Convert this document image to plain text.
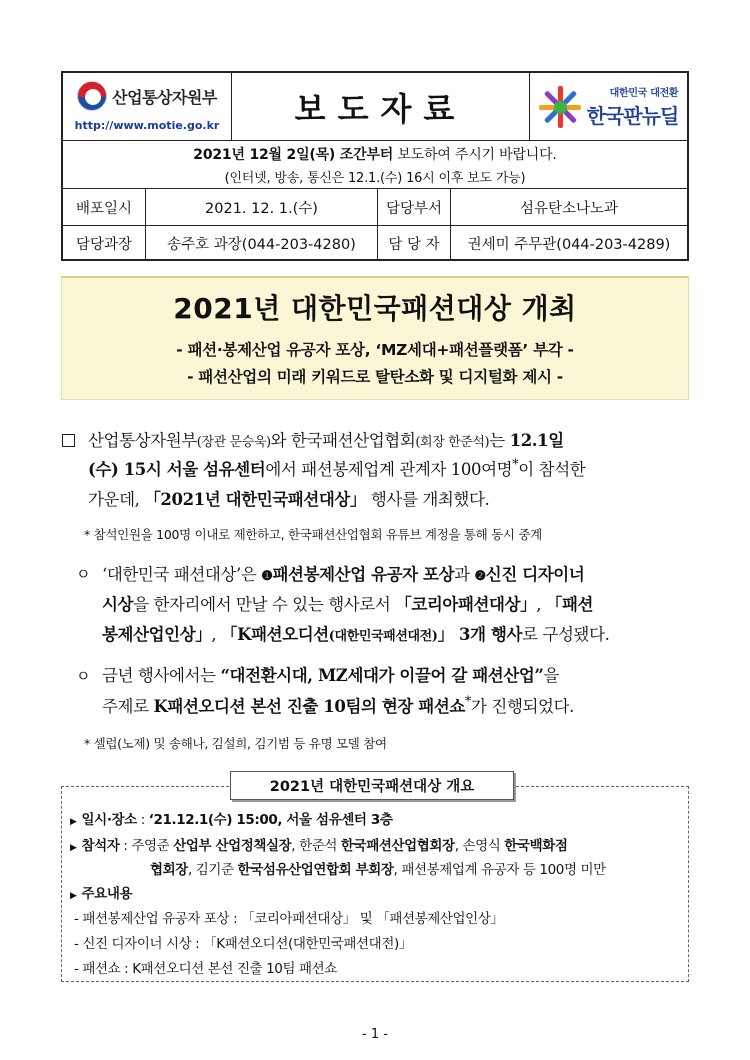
산업통상자원부
http://www.motie.go.kr	보도자료	대한민국 대전환
한국판뉴딜
2021년 12월 2일(목) 조간부터 보도하여 주시기 바랍니다.
(인터넷, 방송, 통신은 12.1.(수) 16시 이후 보도 가능)
배포일시	2021. 12. 1.(수)	담당부서	섬유탄소나노과
담당과장	송주호 과장(044-203-4280)	담 당 자	권세미 주무관(044-203-4289)
2021년 대한민국패션대상 개최
- 패션·봉제산업 유공자 포상, ‘MZ세대+패션플랫폼’ 부각 -
- 패션산업의 미래 키워드로 탈탄소화 및 디지털화 제시 -
산업통상자원부(장관 문승욱)와 한국패션산업협회(회장 한준석)는 12.1일
(수) 15시 서울 섬유센터에서 패션봉제업계 관계자 100여명*이 참석한
가운데, 「2021년 대한민국패션대상」 행사를 개최했다.
* 참석인원을 100명 이내로 제한하고, 한국패션산업협회 유튜브 계정을 통해 동시 중계
ㅇ ‘대한민국 패션대상’은 ❶패션봉제산업 유공자 포상과 ❷신진 디자이너
시상을 한자리에서 만날 수 있는 행사로서 「코리아패션대상」, 「패션
봉제산업인상」, 「K패션오디션(대한민국패션대전)」 3개 행사로 구성됐다.
ㅇ 금년 행사에서는 “대전환시대, MZ세대가 이끌어 갈 패션산업”을
주제로 K패션오디션 본선 진출 10팀의 현장 패션쇼*가 진행되었다.
* 셀럽(노제) 및 송해나, 김설희, 김기범 등 유명 모델 참여
2021년 대한민국패션대상 개요
▶ 일시·장소 : ‘21.12.1(수) 15:00, 서울 섬유센터 3층
▶ 참석자 : 주영준 산업부 산업정책실장, 한준석 한국패션산업협회장, 손영식 한국백화점
협회장, 김기준 한국섬유산업연합회 부회장, 패션봉제업계 유공자 등 100명 미만
▶ 주요내용
- 패션봉제산업 유공자 포상 : 「코리아패션대상」 및 「패션봉제산업인상」
- 신진 디자이너 시상 : 「K패션오디션(대한민국패션대전)」
- 패션쇼 : K패션오디션 본선 진출 10팀 패션쇼
- 1 -
